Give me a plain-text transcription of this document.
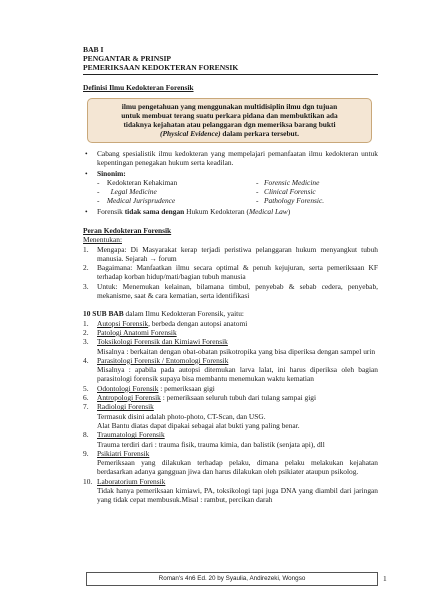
BAB I
PENGANTAR & PRINSIP
PEMERIKSAAN KEDOKTERAN FORENSIK
Definisi Ilmu Kedokteran Forensik
ilmu pengetahuan yang menggunakan multidisiplin ilmu dgn tujuan
untuk membuat terang suatu perkara pidana dan membuktikan ada
tidaknya kejahatan atau pelanggaran dgn memeriksa barang bukti
(Physical Evidence) dalam perkara tersebut.
• Cabang spesialistik ilmu kedokteran yang mempelajari pemanfaatan ilmu kedokteran untuk kepentingan penegakan hukum serta keadilan.
• Sinonim:
-    Kedokteran Kehakiman	-   Forensic Medicine
-      Legal Medicine	-   Clinical Forensic
-    Medical Jurisprudence	-   Pathology Forensic.
• Forensik tidak sama dengan Hukum Kedokteran (Medical Law)
Peran Kedokteran Forensik
Menentukan:
1. Mengapa: Di Masyarakat kerap terjadi peristiwa pelanggaran hukum menyangkut tubuh manusia. Sejarah → forum
2. Bagaimana: Manfaatkan ilmu secara optimal & penuh kejujuran, serta pemeriksaan KF terhadap korban hidup/mati/bagian tubuh manusia
3. Untuk: Menemukan kelainan, bilamana timbul, penyebab & sebab cedera, penyebab, mekanisme, saat & cara kematian, serta identifikasi
10 SUB BAB dalam Ilmu Kedokteran Forensik, yaitu:
1. Autopsi Forensik, berbeda dengan autopsi anatomi
2. Patologi Anatomi Forensik
3. Toksikologi Forensik dan Kimiawi Forensik
Misalnya : berkaitan dengan obat-obatan psikotropika yang bisa diperiksa dengan sampel urin
4. Parasitologi Forensik / Entomologi Forensik
Misalnya : apabila pada autopsi ditemukan larva lalat, ini harus diperiksa oleh bagian parasitologi forensik supaya bisa membantu menemukan waktu kematian
5. Odontologi Forensik : pemeriksaan gigi
6. Antropologi Forensik : pemeriksaan seluruh tubuh dari tulang sampai gigi
7. Radiologi Forensik
Termasuk disini adalah photo-photo, CT-Scan, dan USG.
Alat Bantu diatas dapat dipakai sebagai alat bukti yang paling benar.
8. Traumatologi Forensik
Trauma terdiri dari : trauma fisik, trauma kimia, dan balistik (senjata api), dll
9. Psikiatri Forensik
Pemeriksaan yang dilakukan terhadap pelaku, dimana pelaku melakukan kejahatan berdasarkan adanya gangguan jiwa dan harus dilakukan oleh psikiater ataupun psikolog.
10. Laboratorium Forensik
Tidak hanya pemeriksaan kimiawi, PA, toksikologi tapi juga DNA yang diambil dari jaringan yang tidak cepat membusuk.Misal : rambut, percikan darah
Roman's 4n6 Ed. 20 by Syaulia, Andirezeki, Wongso	1
